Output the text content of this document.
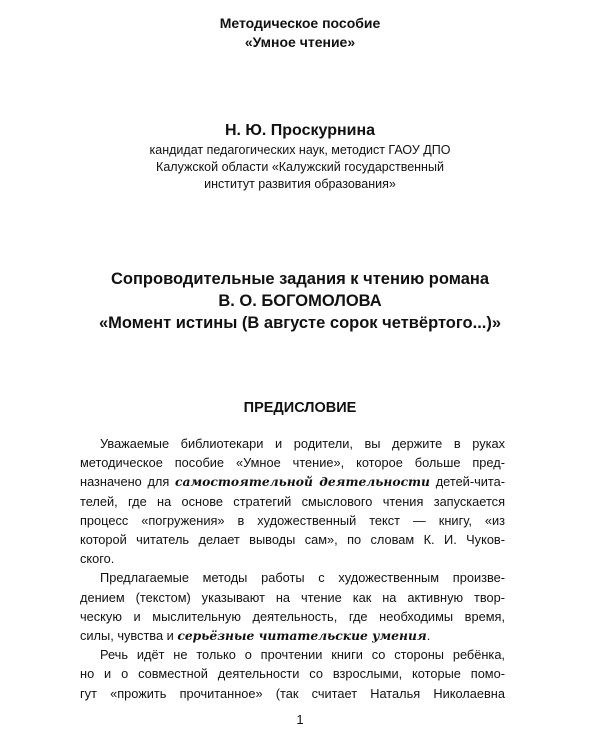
Методическое пособие
«Умное чтение»
Н. Ю. Проскурнина
кандидат педагогических наук, методист ГАОУ ДПО
Калужской области «Калужский государственный
институт развития образования»
Сопроводительные задания к чтению романа
В. О. БОГОМОЛОВА
«Момент истины (В августе сорок четвёртого...)»
ПРЕДИСЛОВИЕ
Уважаемые библиотекари и родители, вы держите в руках
методическое пособие «Умное чтение», которое больше пред-
назначено для самостоятельной деятельности детей-чита-
телей, где на основе стратегий смыслового чтения запускается
процесс «погружения» в художественный текст — книгу, «из
которой читатель делает выводы сам», по словам К. И. Чуков-
ского.
Предлагаемые методы работы с художественным произве-
дением (текстом) указывают на чтение как на активную твор-
ческую и мыслительную деятельность, где необходимы время,
силы, чувства и серьёзные читательские умения.
Речь идёт не только о прочтении книги со стороны ребёнка,
но и о совместной деятельности со взрослыми, которые помо-
гут «прожить прочитанное» (так считает Наталья Николаевна
1
